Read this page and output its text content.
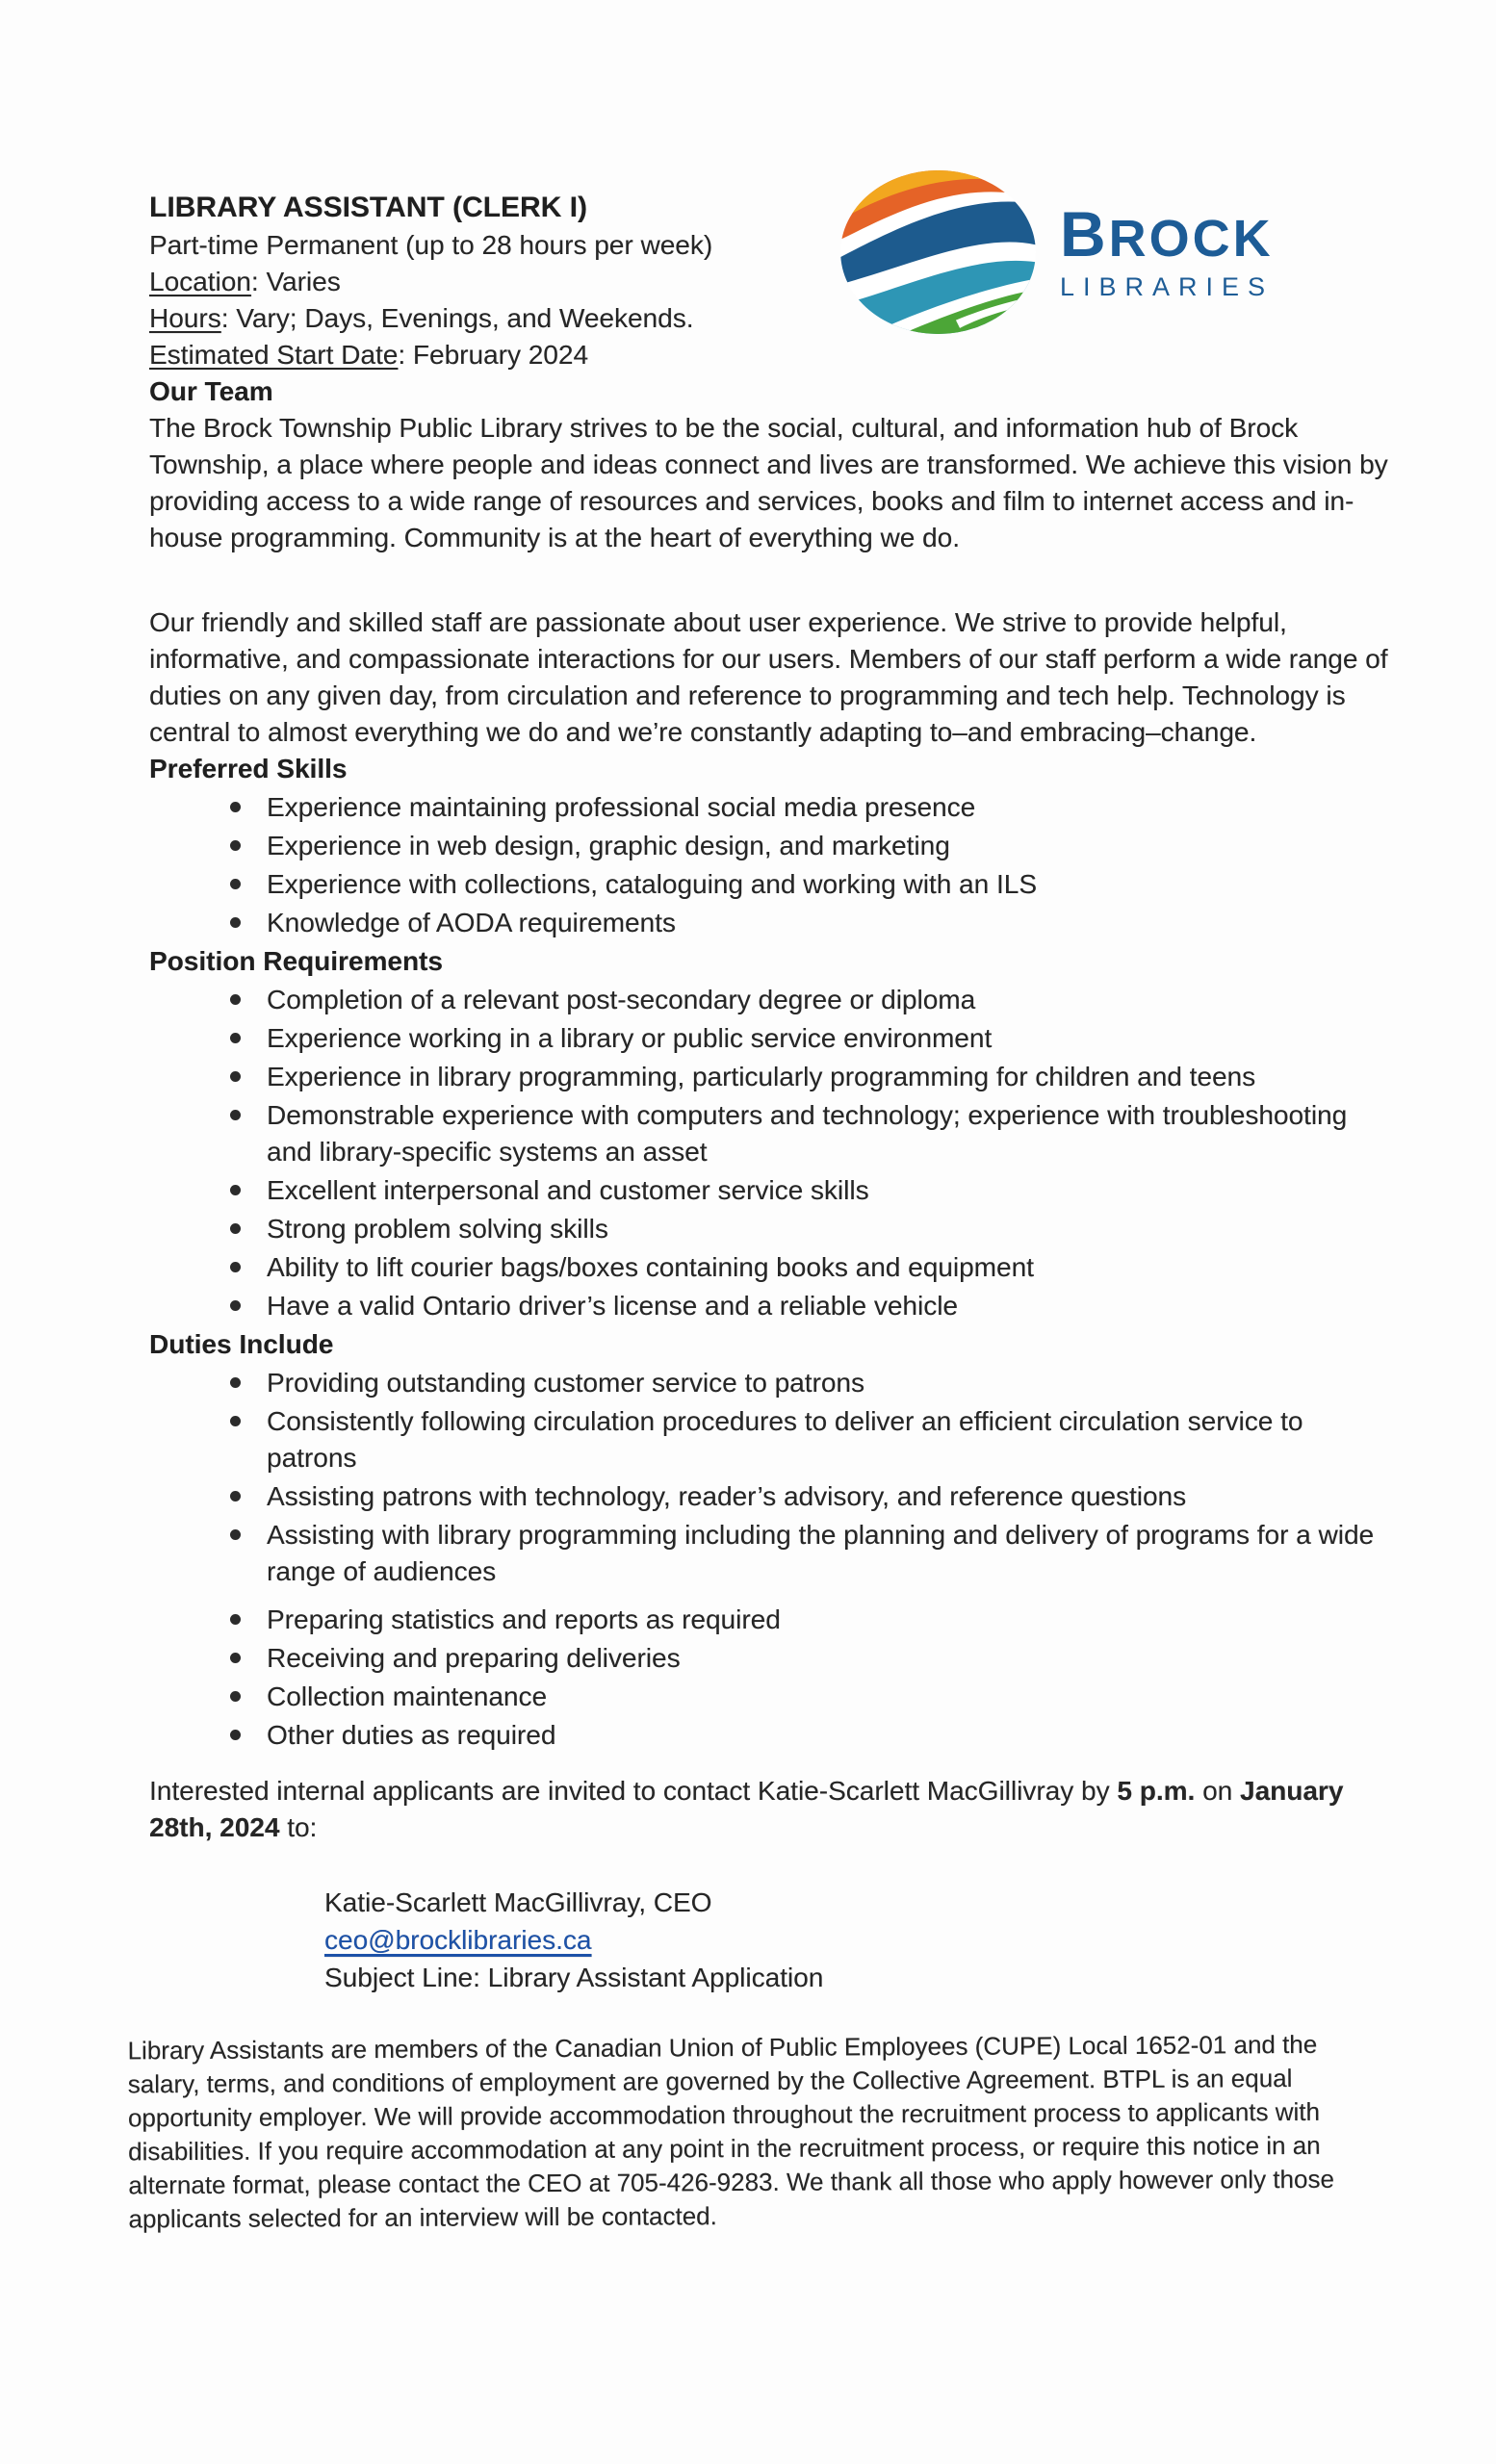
LIBRARY ASSISTANT (CLERK I)
Part-time Permanent (up to 28 hours per week)
Location: Varies
Hours: Vary; Days, Evenings, and Weekends.
Estimated Start Date: February 2024
Our Team

The Brock Township Public Library strives to be the social, cultural, and information hub of Brock Township, a place where people and ideas connect and lives are transformed. We achieve this vision by providing access to a wide range of resources and services, books and film to internet access and in-house programming. Community is at the heart of everything we do.

Our friendly and skilled staff are passionate about user experience. We strive to provide helpful, informative, and compassionate interactions for our users. Members of our staff perform a wide range of duties on any given day, from circulation and reference to programming and tech help. Technology is central to almost everything we do and we’re constantly adapting to–and embracing–change.

Preferred Skills
Experience maintaining professional social media presence
Experience in web design, graphic design, and marketing
Experience with collections, cataloguing and working with an ILS
Knowledge of AODA requirements
Position Requirements
Completion of a relevant post-secondary degree or diploma
Experience working in a library or public service environment
Experience in library programming, particularly programming for children and teens
Demonstrable experience with computers and technology; experience with troubleshooting and library-specific systems an asset
Excellent interpersonal and customer service skills
Strong problem solving skills
Ability to lift courier bags/boxes containing books and equipment
Have a valid Ontario driver’s license and a reliable vehicle
Duties Include
Providing outstanding customer service to patrons
Consistently following circulation procedures to deliver an efficient circulation service to patrons
Assisting patrons with technology, reader’s advisory, and reference questions
Assisting with library programming including the planning and delivery of programs for a wide range of audiences
Preparing statistics and reports as required
Receiving and preparing deliveries
Collection maintenance
Other duties as required

Interested internal applicants are invited to contact Katie-Scarlett MacGillivray by 5 p.m. on January 28th, 2024 to:

Katie-Scarlett MacGillivray, CEO
ceo@brocklibraries.ca
Subject Line: Library Assistant Application

Library Assistants are members of the Canadian Union of Public Employees (CUPE) Local 1652-01 and the salary, terms, and conditions of employment are governed by the Collective Agreement. BTPL is an equal opportunity employer. We will provide accommodation throughout the recruitment process to applicants with disabilities. If you require accommodation at any point in the recruitment process, or require this notice in an alternate format, please contact the CEO at 705-426-9283. We thank all those who apply however only those applicants selected for an interview will be contacted.

BROCK
LIBRARIES
